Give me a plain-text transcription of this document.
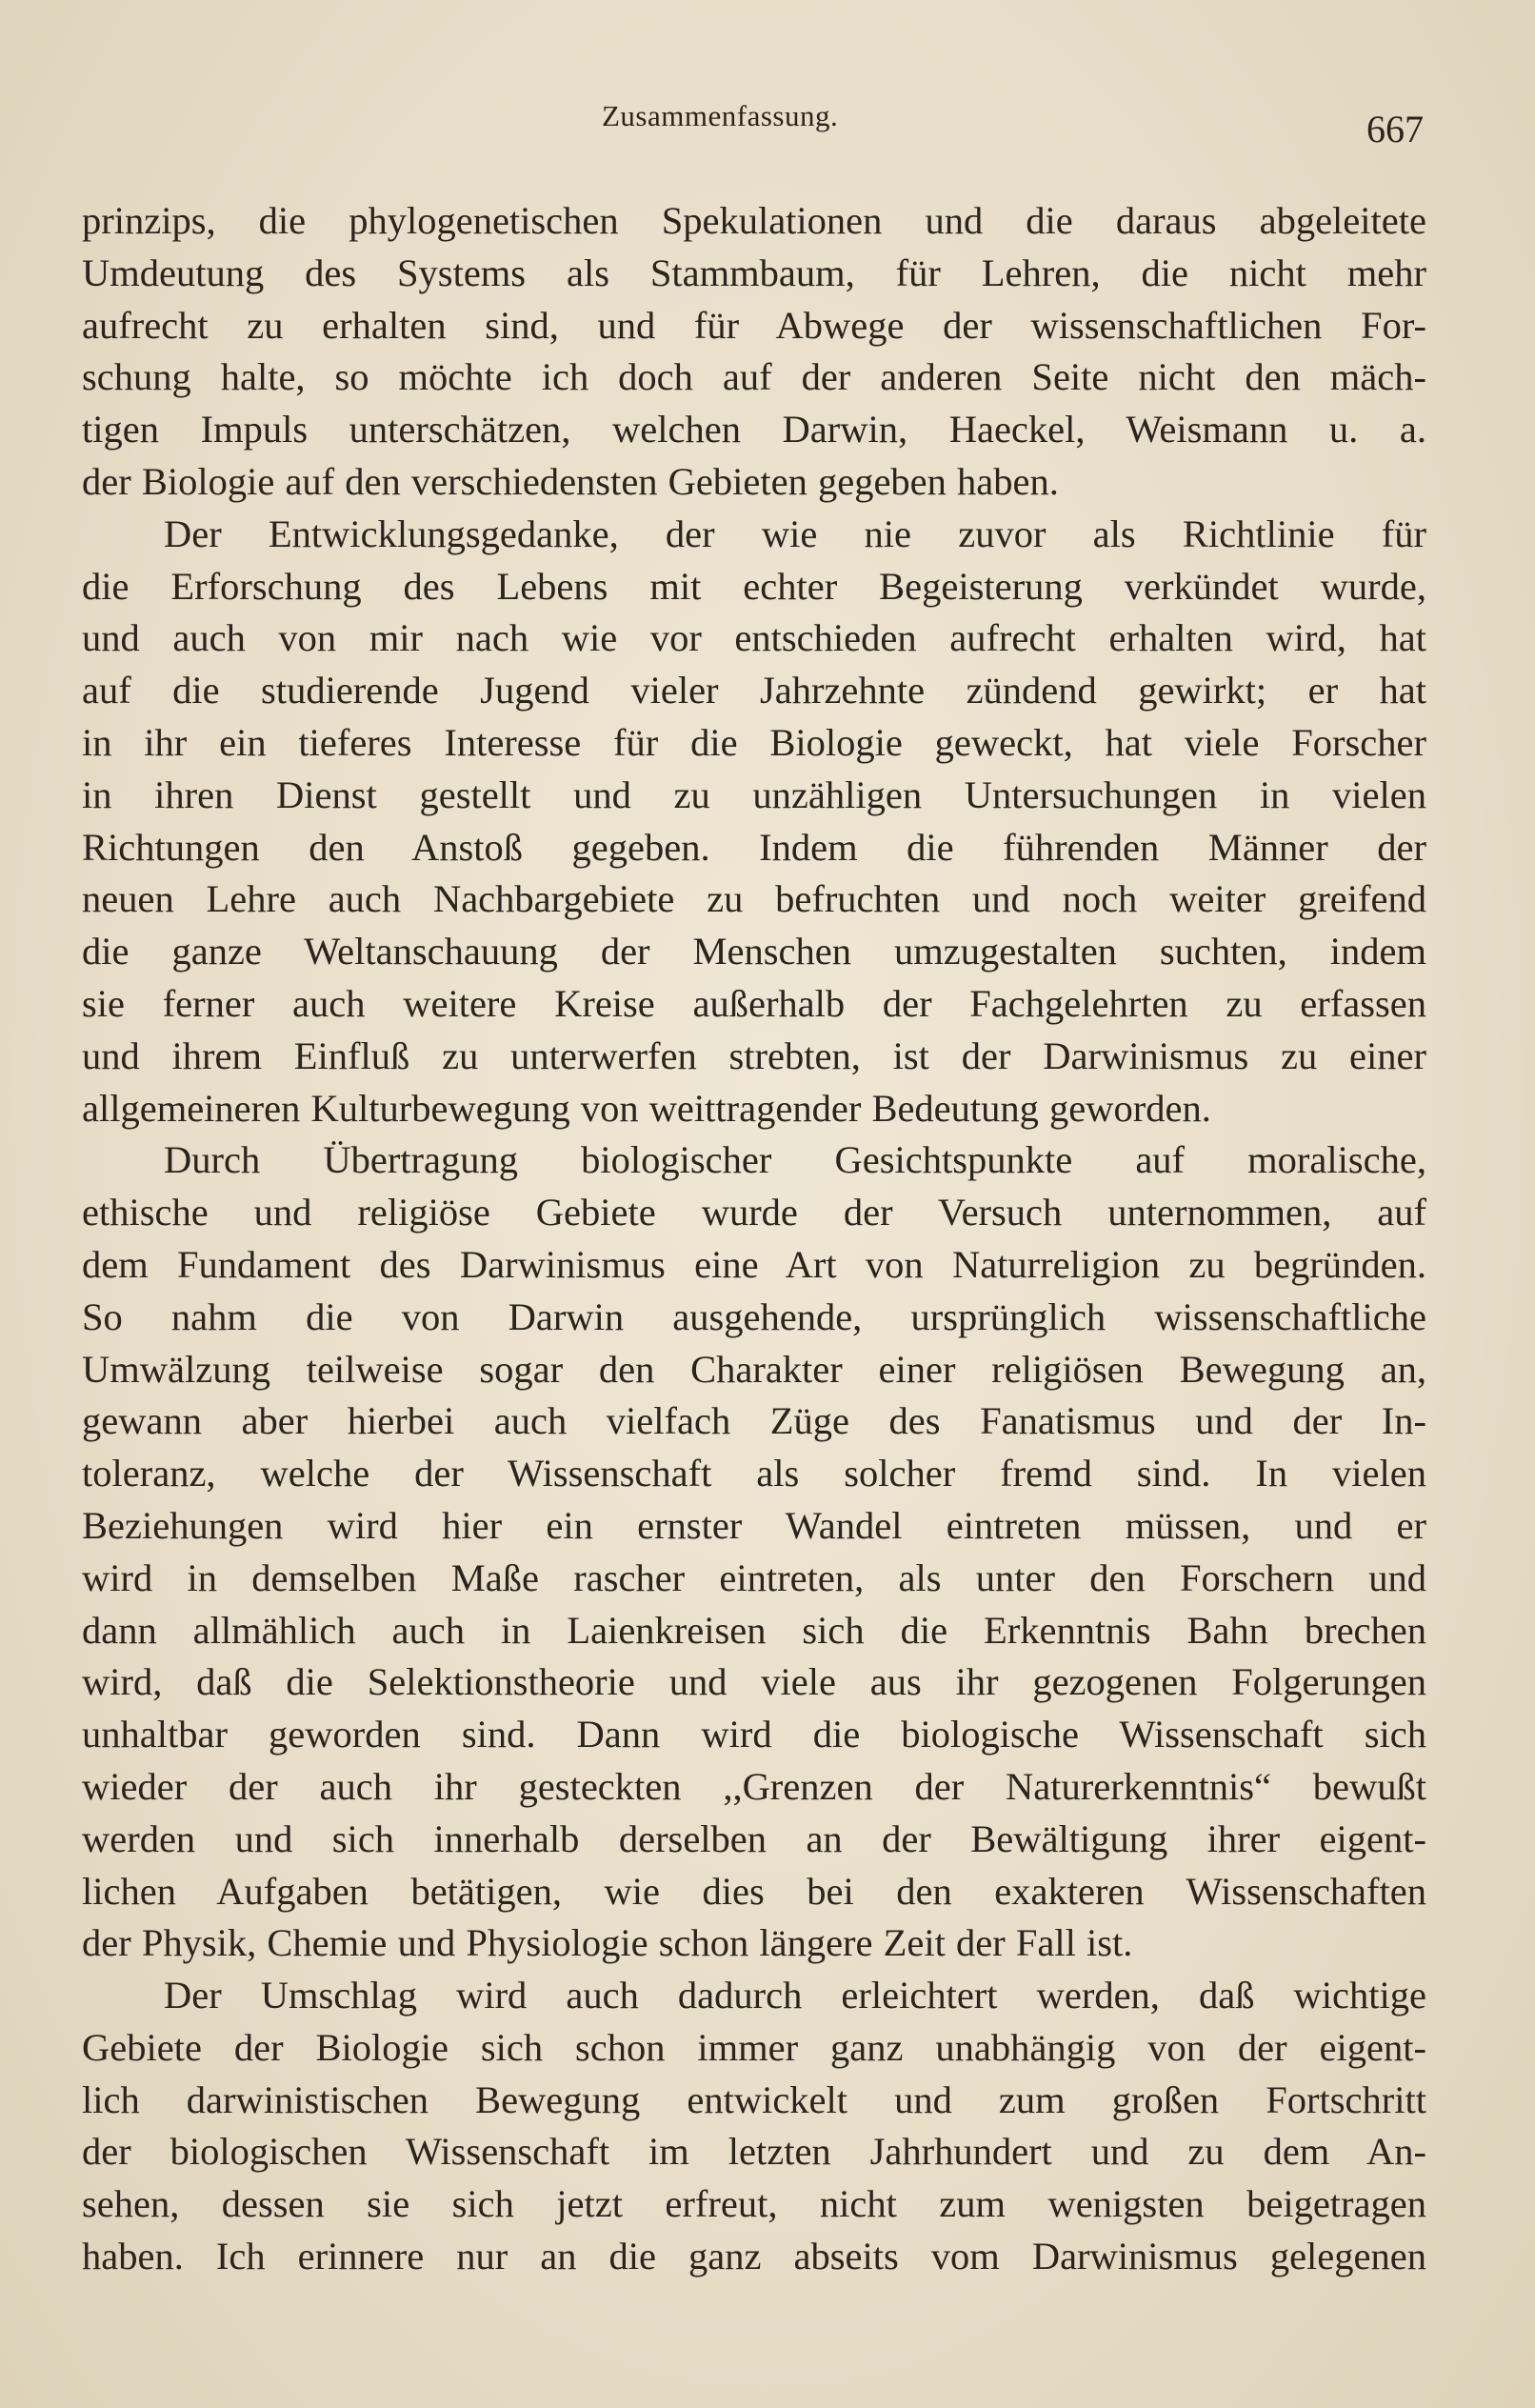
Zusammenfassung.	667
prinzips, die phylogenetischen Spekulationen und die daraus abgeleitete
Umdeutung des Systems als Stammbaum, für Lehren, die nicht mehr
aufrecht zu erhalten sind, und für Abwege der wissenschaftlichen For-
schung halte, so möchte ich doch auf der anderen Seite nicht den mäch-
tigen Impuls unterschätzen, welchen Darwin, Haeckel, Weismann u. a.
der Biologie auf den verschiedensten Gebieten gegeben haben.
Der Entwicklungsgedanke, der wie nie zuvor als Richtlinie für
die Erforschung des Lebens mit echter Begeisterung verkündet wurde,
und auch von mir nach wie vor entschieden aufrecht erhalten wird, hat
auf die studierende Jugend vieler Jahrzehnte zündend gewirkt; er hat
in ihr ein tieferes Interesse für die Biologie geweckt, hat viele Forscher
in ihren Dienst gestellt und zu unzähligen Untersuchungen in vielen
Richtungen den Anstoß gegeben. Indem die führenden Männer der
neuen Lehre auch Nachbargebiete zu befruchten und noch weiter greifend
die ganze Weltanschauung der Menschen umzugestalten suchten, indem
sie ferner auch weitere Kreise außerhalb der Fachgelehrten zu erfassen
und ihrem Einfluß zu unterwerfen strebten, ist der Darwinismus zu einer
allgemeineren Kulturbewegung von weittragender Bedeutung geworden.
Durch Übertragung biologischer Gesichtspunkte auf moralische,
ethische und religiöse Gebiete wurde der Versuch unternommen, auf
dem Fundament des Darwinismus eine Art von Naturreligion zu begründen.
So nahm die von Darwin ausgehende, ursprünglich wissenschaftliche
Umwälzung teilweise sogar den Charakter einer religiösen Bewegung an,
gewann aber hierbei auch vielfach Züge des Fanatismus und der In-
toleranz, welche der Wissenschaft als solcher fremd sind. In vielen
Beziehungen wird hier ein ernster Wandel eintreten müssen, und er
wird in demselben Maße rascher eintreten, als unter den Forschern und
dann allmählich auch in Laienkreisen sich die Erkenntnis Bahn brechen
wird, daß die Selektionstheorie und viele aus ihr gezogenen Folgerungen
unhaltbar geworden sind. Dann wird die biologische Wissenschaft sich
wieder der auch ihr gesteckten ,,Grenzen der Naturerkenntnis“ bewußt
werden und sich innerhalb derselben an der Bewältigung ihrer eigent-
lichen Aufgaben betätigen, wie dies bei den exakteren Wissenschaften
der Physik, Chemie und Physiologie schon längere Zeit der Fall ist.
Der Umschlag wird auch dadurch erleichtert werden, daß wichtige
Gebiete der Biologie sich schon immer ganz unabhängig von der eigent-
lich darwinistischen Bewegung entwickelt und zum großen Fortschritt
der biologischen Wissenschaft im letzten Jahrhundert und zu dem An-
sehen, dessen sie sich jetzt erfreut, nicht zum wenigsten beigetragen
haben. Ich erinnere nur an die ganz abseits vom Darwinismus gelegenen
